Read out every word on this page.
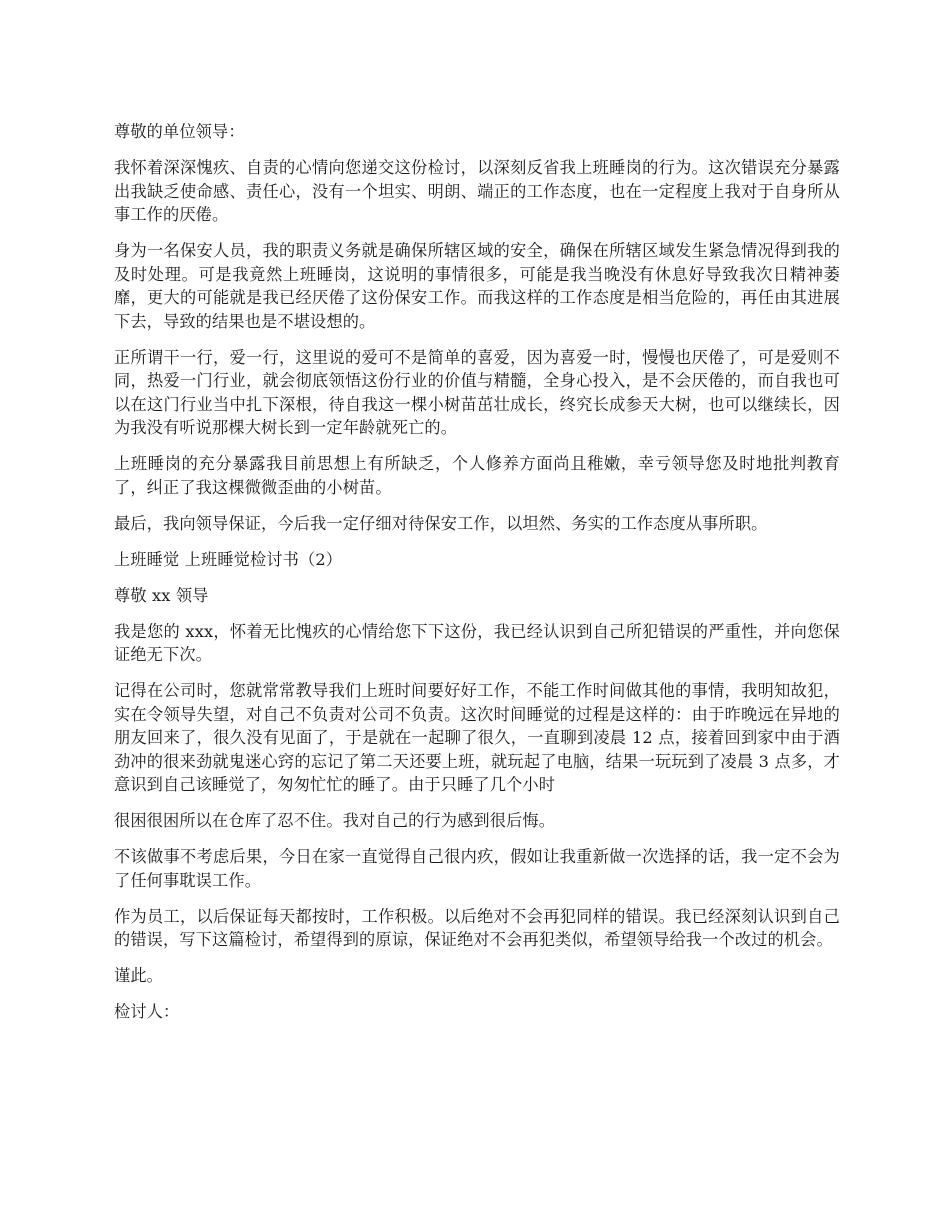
尊敬的单位领导：

我怀着深深愧疚、自责的心情向您递交这份检讨，以深刻反省我上班睡岗的行为。这次错误充分暴露出我缺乏使命感、责任心，没有一个坦实、明朗、端正的工作态度，也在一定程度上我对于自身所从事工作的厌倦。

身为一名保安人员，我的职责义务就是确保所辖区域的安全，确保在所辖区域发生紧急情况得到我的及时处理。可是我竟然上班睡岗，这说明的事情很多，可能是我当晚没有休息好导致我次日精神萎靡，更大的可能就是我已经厌倦了这份保安工作。而我这样的工作态度是相当危险的，再任由其进展下去，导致的结果也是不堪设想的。

正所谓干一行，爱一行，这里说的爱可不是简单的喜爱，因为喜爱一时，慢慢也厌倦了，可是爱则不同，热爱一门行业，就会彻底领悟这份行业的价值与精髓，全身心投入，是不会厌倦的，而自我也可以在这门行业当中扎下深根，待自我这一棵小树苗茁壮成长，终究长成参天大树，也可以继续长，因为我没有听说那棵大树长到一定年龄就死亡的。

上班睡岗的充分暴露我目前思想上有所缺乏，个人修养方面尚且稚嫩，幸亏领导您及时地批判教育了，纠正了我这棵微微歪曲的小树苗。

最后，我向领导保证，今后我一定仔细对待保安工作，以坦然、务实的工作态度从事所职。

上班睡觉 上班睡觉检讨书（2）

尊敬 xx 领导

我是您的 xxx，怀着无比愧疚的心情给您下下这份，我已经认识到自己所犯错误的严重性，并向您保证绝无下次。

记得在公司时，您就常常教导我们上班时间要好好工作，不能工作时间做其他的事情，我明知故犯，实在令领导失望，对自己不负责对公司不负责。这次时间睡觉的过程是这样的：由于昨晚远在异地的朋友回来了，很久没有见面了，于是就在一起聊了很久，一直聊到凌晨 12 点，接着回到家中由于酒劲冲的很来劲就鬼迷心窍的忘记了第二天还要上班，就玩起了电脑，结果一玩玩到了凌晨 3 点多，才意识到自己该睡觉了，匆匆忙忙的睡了。由于只睡了几个小时

很困很困所以在仓库了忍不住。我对自己的行为感到很后悔。

不该做事不考虑后果，今日在家一直觉得自己很内疚，假如让我重新做一次选择的话，我一定不会为了任何事耽误工作。

作为员工，以后保证每天都按时，工作积极。以后绝对不会再犯同样的错误。我已经深刻认识到自己的错误，写下这篇检讨，希望得到的原谅，保证绝对不会再犯类似，希望领导给我一个改过的机会。

谨此。

检讨人：
